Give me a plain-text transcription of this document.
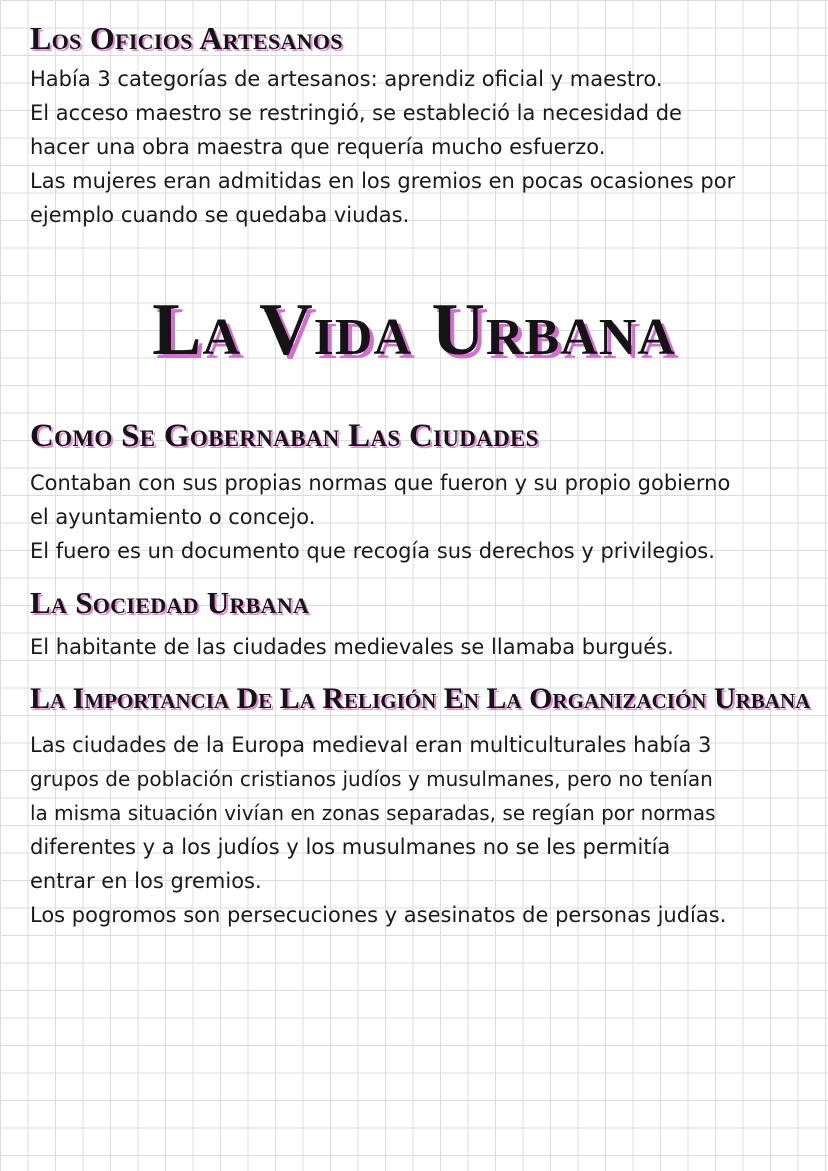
Los Oficios Artesanos
Había 3 categorías de artesanos: aprendiz oficial y maestro.
El acceso maestro se restringió, se estableció la necesidad de
hacer una obra maestra que requería mucho esfuerzo.
Las mujeres eran admitidas en los gremios en pocas ocasiones por
ejemplo cuando se quedaba viudas.
La Vida Urbana
Como Se Gobernaban Las Ciudades
Contaban con sus propias normas que fueron y su propio gobierno
el ayuntamiento o concejo.
El fuero es un documento que recogía sus derechos y privilegios.
La Sociedad Urbana
El habitante de las ciudades medievales se llamaba burgués.
La Importancia De La Religión En La Organización Urbana
Las ciudades de la Europa medieval eran multiculturales había 3
grupos de población cristianos judíos y musulmanes, pero no tenían
la misma situación vivían en zonas separadas, se regían por normas
diferentes y a los judíos y los musulmanes no se les permitía
entrar en los gremios.
Los pogromos son persecuciones y asesinatos de personas judías.
